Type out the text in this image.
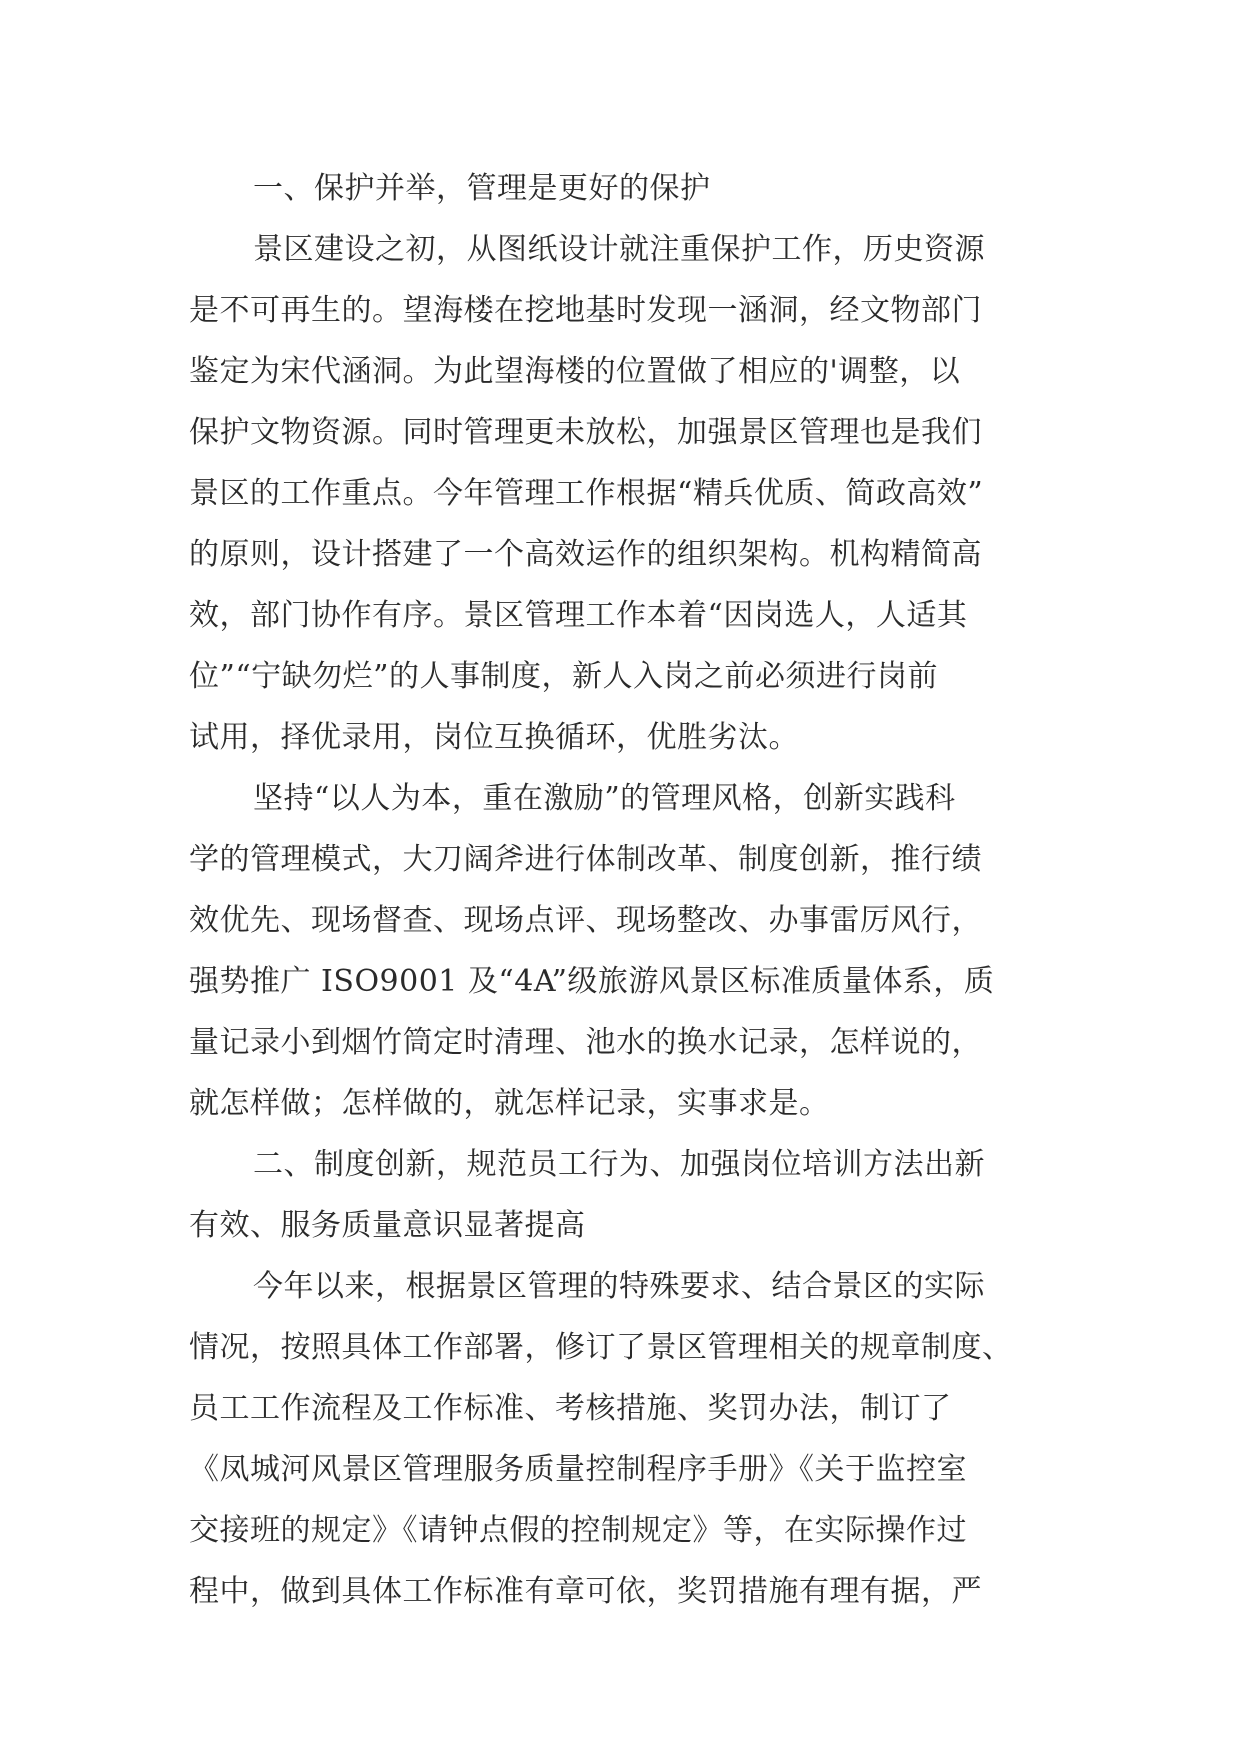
一、保护并举，管理是更好的保护
景区建设之初，从图纸设计就注重保护工作，历史资源
是不可再生的。望海楼在挖地基时发现一涵洞，经文物部门
鉴定为宋代涵洞。为此望海楼的位置做了相应的'调整，以
保护文物资源。同时管理更未放松，加强景区管理也是我们
景区的工作重点。今年管理工作根据“精兵优质、简政高效”
的原则，设计搭建了一个高效运作的组织架构。机构精简高
效，部门协作有序。景区管理工作本着“因岗选人，人适其
位”“宁缺勿烂”的人事制度，新人入岗之前必须进行岗前
试用，择优录用，岗位互换循环，优胜劣汰。
坚持“以人为本，重在激励”的管理风格，创新实践科
学的管理模式，大刀阔斧进行体制改革、制度创新，推行绩
效优先、现场督查、现场点评、现场整改、办事雷厉风行，
强势推广 ISO9001 及“4A”级旅游风景区标准质量体系，质
量记录小到烟竹筒定时清理、池水的换水记录，怎样说的，
就怎样做；怎样做的，就怎样记录，实事求是。
二、制度创新，规范员工行为、加强岗位培训方法出新
有效、服务质量意识显著提高
今年以来，根据景区管理的特殊要求、结合景区的实际
情况，按照具体工作部署，修订了景区管理相关的规章制度、
员工工作流程及工作标准、考核措施、奖罚办法，制订了
《凤城河风景区管理服务质量控制程序手册》《关于监控室
交接班的规定》《请钟点假的控制规定》等，在实际操作过
程中，做到具体工作标准有章可依，奖罚措施有理有据，严
